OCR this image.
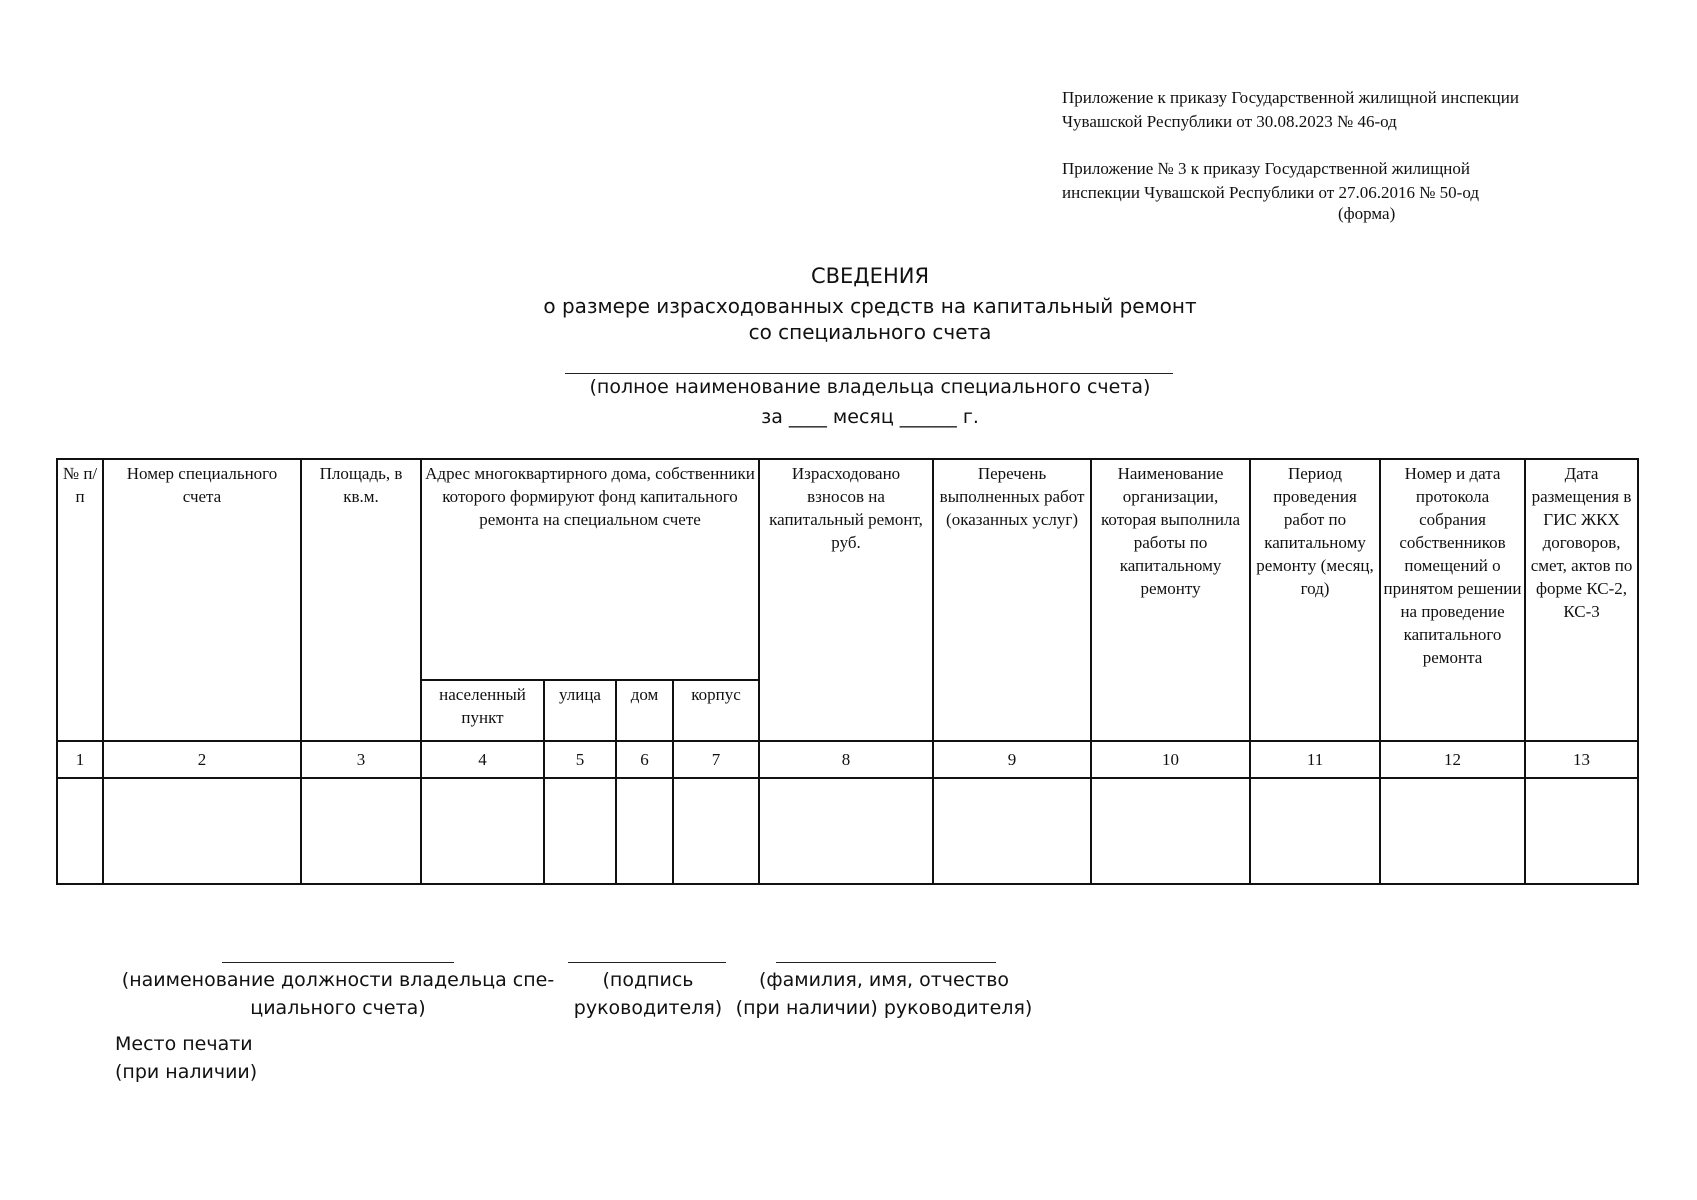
Приложение к приказу Государственной жилищной инспекции
Чувашской Республики от 30.08.2023 № 46-од
Приложение № 3 к приказу Государственной жилищной
инспекции Чувашской Республики от 27.06.2016 № 50-од
(форма)
СВЕДЕНИЯ
о размере израсходованных средств на капитальный ремонт
со специального счета
(полное наименование владельца специального счета)
за ____ месяц ______ г.
№ п/п	Номер специального счета	Площадь, в кв.м.	Адрес многоквартирного дома, собственники которого формируют фонд капитального ремонта на специальном счете				Израсходовано взносов на капитальный ремонт, руб.	Перечень выполненных работ (оказанных услуг)	Наименование организации, которая выполнила работы по капитальному ремонту	Период проведения работ по капитальному ремонту (месяц, год)	Номер и дата протокола собрания собственников помещений о принятом решении на проведение капитального ремонта	Дата размещения в ГИС ЖКХ договоров, смет, актов по форме КС-2, КС-3
			населенный пункт	улица	дом	корпус						
1	2	3	4	5	6	7	8	9	10	11	12	13

(наименование должности владельца спе-
циального счета)
(подпись
руководителя)
(фамилия, имя, отчество
(при наличии) руководителя)
Место печати
(при наличии)
